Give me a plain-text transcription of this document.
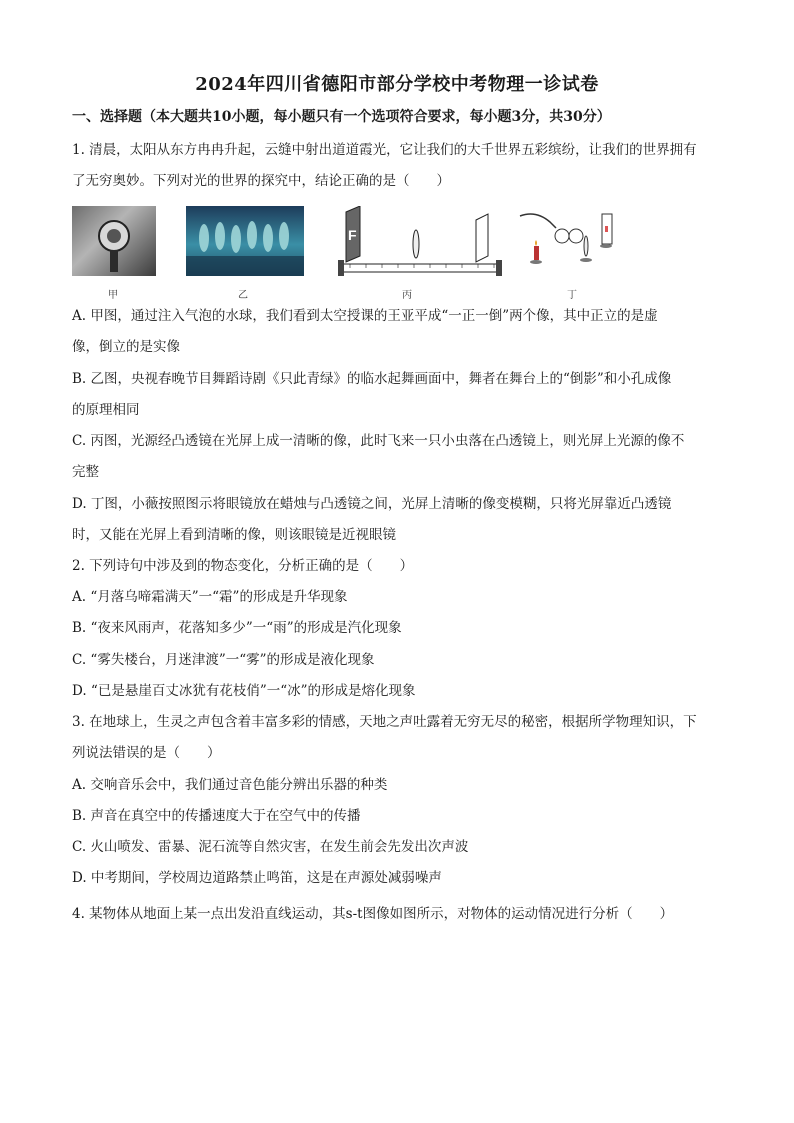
2024年四川省德阳市部分学校中考物理一诊试卷
一、选择题（本大题共10小题，每小题只有一个选项符合要求，每小题3分，共30分）
1. 清晨，太阳从东方冉冉升起，云缝中射出道道霞光，它让我们的大千世界五彩缤纷，让我们的世界拥有
了无穷奥妙。下列对光的世界的探究中，结论正确的是（　　）
甲	乙
F
丙	丁
A. 甲图，通过注入气泡的水球，我们看到太空授课的王亚平成“一正一倒”两个像，其中正立的是虚
像，倒立的是实像
B. 乙图，央视春晚节目舞蹈诗剧《只此青绿》的临水起舞画面中，舞者在舞台上的“倒影”和小孔成像
的原理相同
C. 丙图，光源经凸透镜在光屏上成一清晰的像，此时飞来一只小虫落在凸透镜上，则光屏上光源的像不
完整
D. 丁图，小薇按照图示将眼镜放在蜡烛与凸透镜之间，光屏上清晰的像变模糊，只将光屏靠近凸透镜
时，又能在光屏上看到清晰的像，则该眼镜是近视眼镜
2. 下列诗句中涉及到的物态变化，分析正确的是（　　）
A. “月落乌啼霜满天”一“霜”的形成是升华现象
B. “夜来风雨声，花落知多少”一“雨”的形成是汽化现象
C. “雾失楼台，月迷津渡”一“雾”的形成是液化现象
D. “已是悬崖百丈冰犹有花枝俏”一“冰”的形成是熔化现象
3. 在地球上，生灵之声包含着丰富多彩的情感，天地之声吐露着无穷无尽的秘密，根据所学物理知识，下
列说法错误的是（　　）
A. 交响音乐会中，我们通过音色能分辨出乐器的种类
B. 声音在真空中的传播速度大于在空气中的传播
C. 火山喷发、雷暴、泥石流等自然灾害，在发生前会先发出次声波
D. 中考期间，学校周边道路禁止鸣笛，这是在声源处减弱噪声
4. 某物体从地面上某一点出发沿直线运动，其s-t图像如图所示，对物体的运动情况进行分析（　　）
